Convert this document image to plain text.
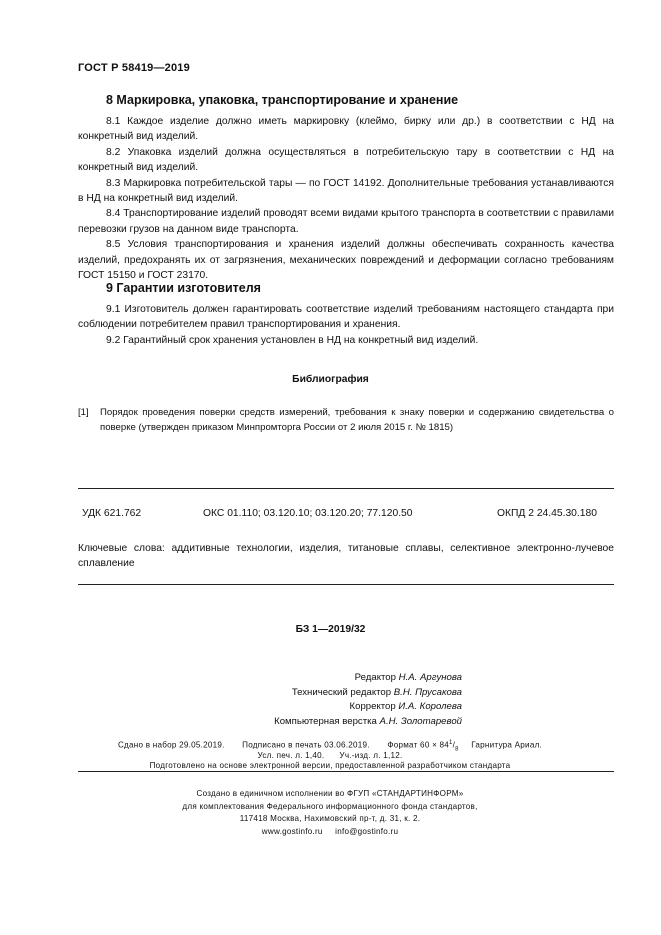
ГОСТ Р 58419—2019
8 Маркировка, упаковка, транспортирование и хранение
8.1 Каждое изделие должно иметь маркировку (клеймо, бирку или др.) в соответствии с НД на конкретный вид изделий.
8.2 Упаковка изделий должна осуществляться в потребительскую тару в соответствии с НД на конкретный вид изделий.
8.3 Маркировка потребительской тары — по ГОСТ 14192. Дополнительные требования устанавливаются в НД на конкретный вид изделий.
8.4 Транспортирование изделий проводят всеми видами крытого транспорта в соответствии с правилами перевозки грузов на данном виде транспорта.
8.5 Условия транспортирования и хранения изделий должны обеспечивать сохранность качества изделий, предохранять их от загрязнения, механических повреждений и деформации согласно требованиям ГОСТ 15150 и ГОСТ 23170.
9 Гарантии изготовителя
9.1 Изготовитель должен гарантировать соответствие изделий требованиям настоящего стандарта при соблюдении потребителем правил транспортирования и хранения.
9.2 Гарантийный срок хранения установлен в НД на конкретный вид изделий.
Библиография
[1] Порядок проведения поверки средств измерений, требования к знаку поверки и содержанию свидетельства о поверке (утвержден приказом Минпромторга России от 2 июля 2015 г. № 1815)
УДК 621.762	ОКС 01.110; 03.120.10; 03.120.20; 77.120.50	ОКПД 2 24.45.30.180
Ключевые слова: аддитивные технологии, изделия, титановые сплавы, селективное электронно-лучевое сплавление
БЗ 1—2019/32
Редактор Н.А. Аргунова
Технический редактор В.Н. Прусакова
Корректор И.А. Королева
Компьютерная верстка А.Н. Золотаревой
Сдано в набор 29.05.2019. Подписано в печать 03.06.2019. Формат $60 \times 84^1/_8$ Гарнитура Ариал.
Усл. печ. л. 1,40. Уч.-изд. л. 1,12.
Подготовлено на основе электронной версии, предоставленной разработчиком стандарта
Создано в единичном исполнении во ФГУП «СТАНДАРТИНФОРМ»
для комплектования Федерального информационного фонда стандартов,
117418 Москва, Нахимовский пр-т, д. 31, к. 2.
www.gostinfo.ru     info@gostinfo.ru
